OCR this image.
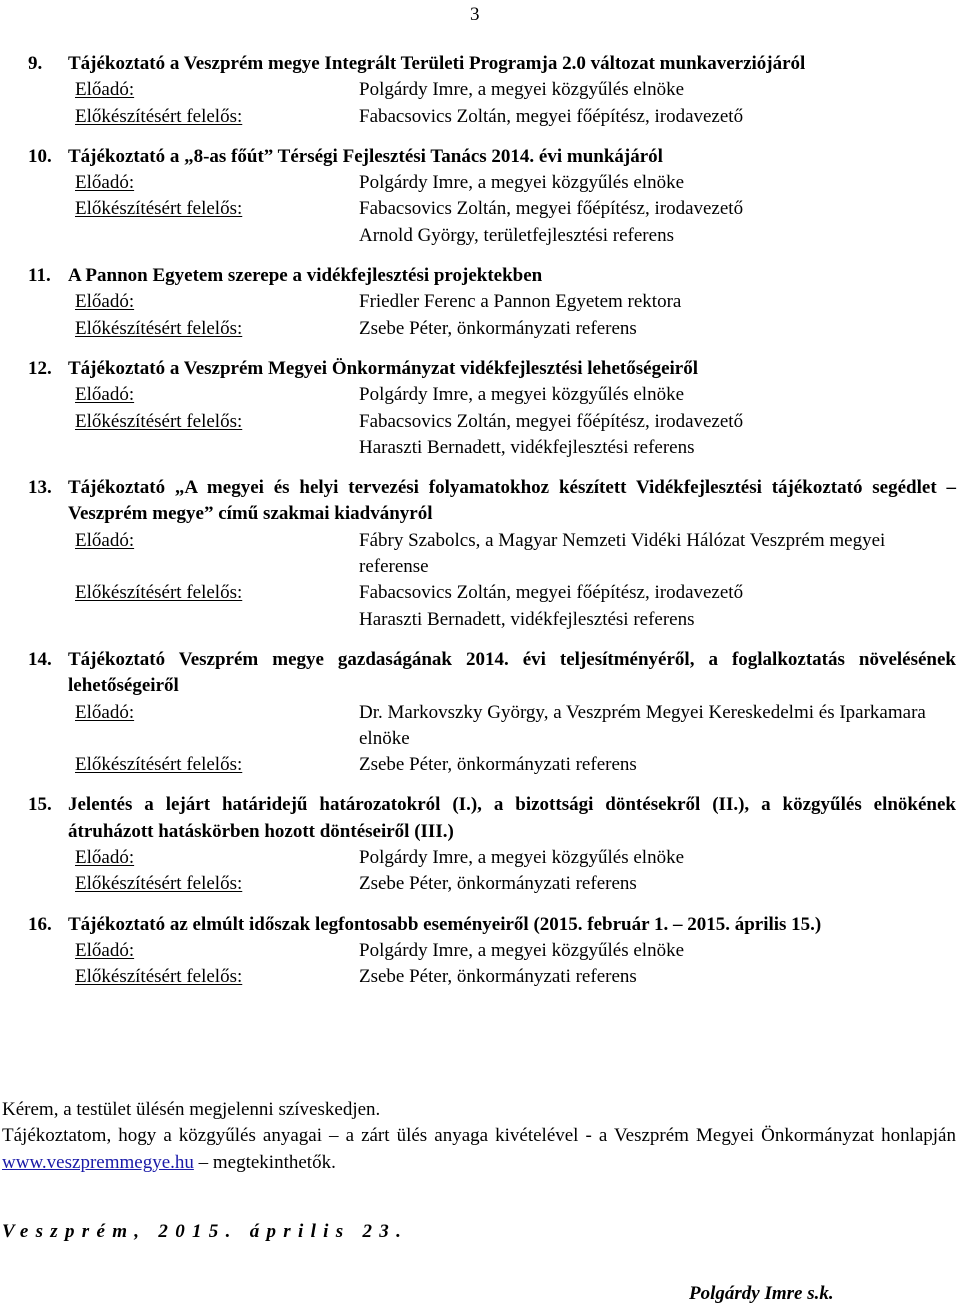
3
9.	Tájékoztató a Veszprém megye Integrált Területi Programja 2.0 változat munkaverziójáról
Előadó:	Polgárdy Imre, a megyei közgyűlés elnöke
Előkészítésért felelős:	Fabacsovics Zoltán, megyei főépítész, irodavezető
10. Tájékoztató a „8-as főút” Térségi Fejlesztési Tanács 2014. évi munkájáról
Előadó:	Polgárdy Imre, a megyei közgyűlés elnöke
Előkészítésért felelős:	Fabacsovics Zoltán, megyei főépítész, irodavezető
Arnold György, területfejlesztési referens
11. A Pannon Egyetem szerepe a vidékfejlesztési projektekben
Előadó:	Friedler Ferenc a Pannon Egyetem rektora
Előkészítésért felelős:	Zsebe Péter, önkormányzati referens
12. Tájékoztató a Veszprém Megyei Önkormányzat vidékfejlesztési lehetőségeiről
Előadó:	Polgárdy Imre, a megyei közgyűlés elnöke
Előkészítésért felelős:	Fabacsovics Zoltán, megyei főépítész, irodavezető
Haraszti Bernadett, vidékfejlesztési referens
13. Tájékoztató „A megyei és helyi tervezési folyamatokhoz készített Vidékfejlesztési tájékoztató segédlet – Veszprém megye” című szakmai kiadványról
Előadó:	Fábry Szabolcs, a Magyar Nemzeti Vidéki Hálózat Veszprém megyei referense
Előkészítésért felelős:	Fabacsovics Zoltán, megyei főépítész, irodavezető
Haraszti Bernadett, vidékfejlesztési referens
14. Tájékoztató Veszprém megye gazdaságának 2014. évi teljesítményéről, a foglalkoztatás növelésének lehetőségeiről
Előadó:	Dr. Markovszky György, a Veszprém Megyei Kereskedelmi és Iparkamara elnöke
Előkészítésért felelős:	Zsebe Péter, önkormányzati referens
15. Jelentés a lejárt határidejű határozatokról (I.), a bizottsági döntésekről (II.), a közgyűlés elnökének átruházott hatáskörben hozott döntéseiről (III.)
Előadó:	Polgárdy Imre, a megyei közgyűlés elnöke
Előkészítésért felelős:	Zsebe Péter, önkormányzati referens
16. Tájékoztató az elmúlt időszak legfontosabb eseményeiről (2015. február 1. – 2015. április 15.)
Előadó:	Polgárdy Imre, a megyei közgyűlés elnöke
Előkészítésért felelős:	Zsebe Péter, önkormányzati referens

Kérem, a testület ülésén megjelenni szíveskedjen.

Tájékoztatom, hogy a közgyűlés anyagai – a zárt ülés anyaga kivételével - a Veszprém Megyei Önkormányzat honlapján www.veszpremmegye.hu – megtekinthetők.

Veszprém, 2015. április 23.
Polgárdy Imre s.k.
